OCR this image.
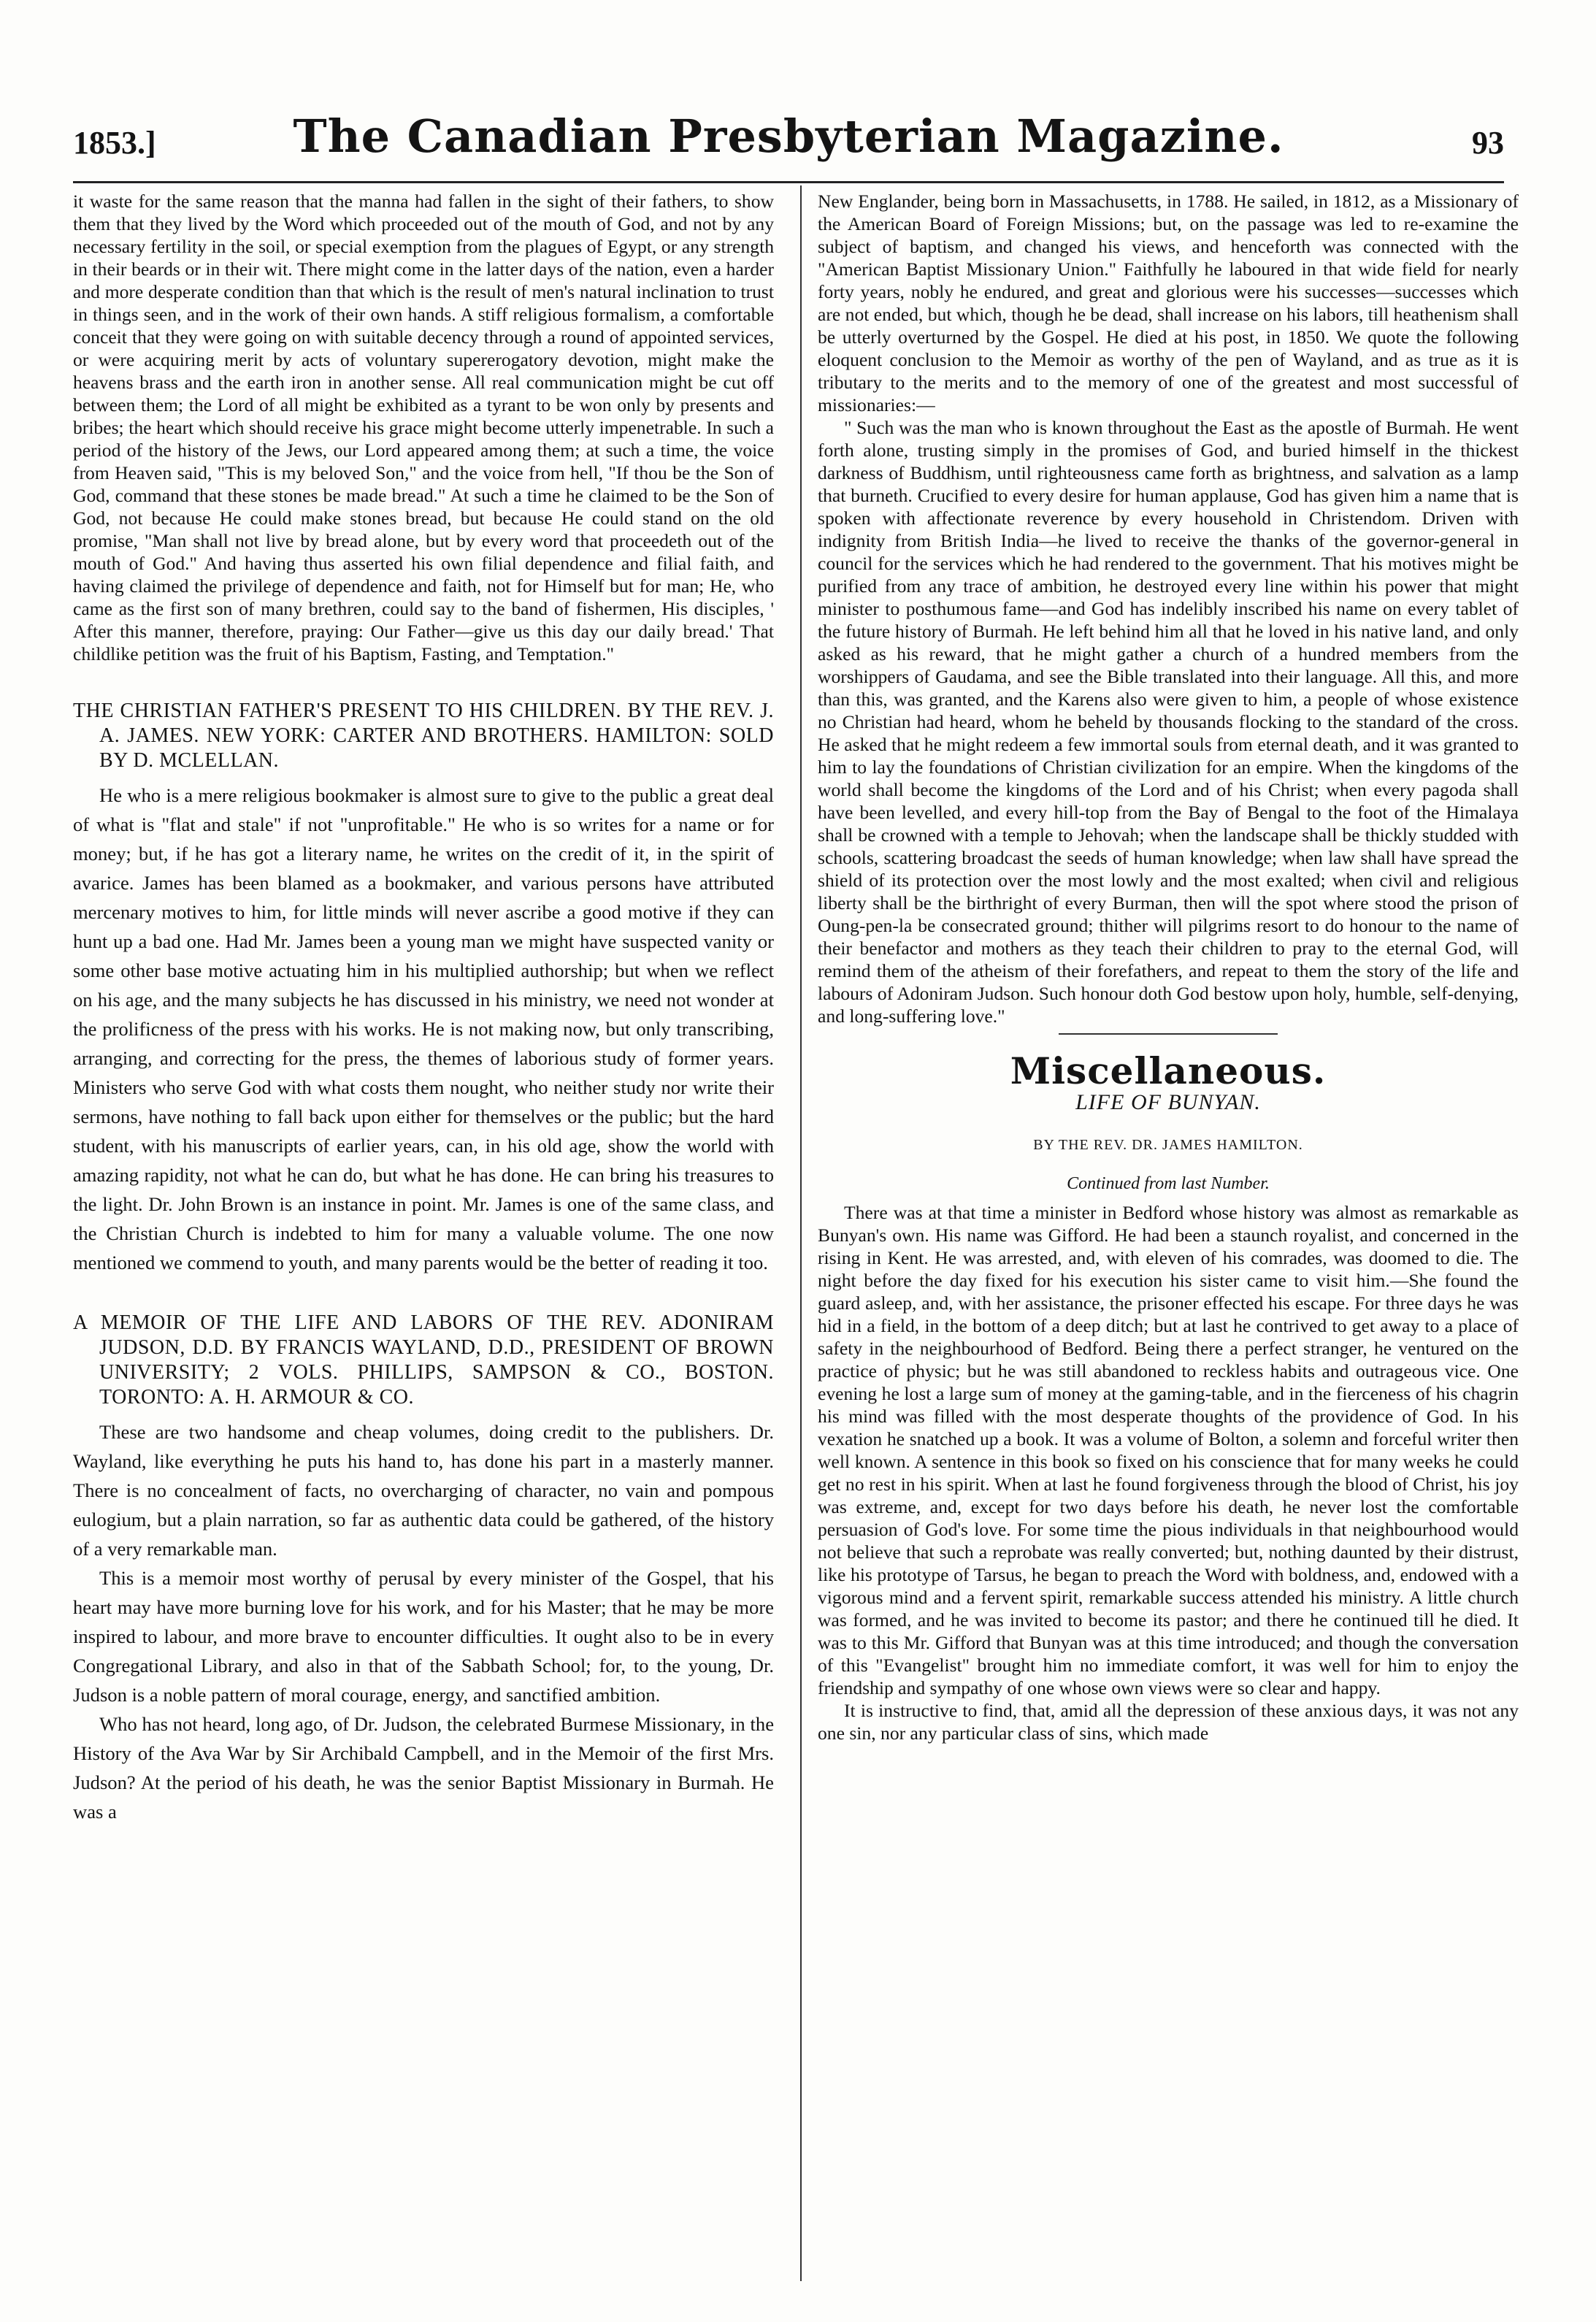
1853.]	The Canadian Presbyterian Magazine.	93

it waste for the same reason that the manna had fallen in the sight of their fathers, to show them that they lived by the Word which proceeded out of the mouth of God, and not by any necessary fertility in the soil, or special exemption from the plagues of Egypt, or any strength in their beards or in their wit. There might come in the latter days of the nation, even a harder and more desperate condition than that which is the result of men's natural inclination to trust in things seen, and in the work of their own hands. A stiff religious formalism, a comfortable conceit that they were going on with suitable decency through a round of appointed services, or were acquiring merit by acts of voluntary supererogatory devotion, might make the heavens brass and the earth iron in another sense. All real communication might be cut off between them; the Lord of all might be exhibited as a tyrant to be won only by presents and bribes; the heart which should receive his grace might become utterly impenetrable. In such a period of the history of the Jews, our Lord appeared among them; at such a time, the voice from Heaven said, "This is my beloved Son," and the voice from hell, "If thou be the Son of God, command that these stones be made bread." At such a time he claimed to be the Son of God, not because He could make stones bread, but because He could stand on the old promise, "Man shall not live by bread alone, but by every word that proceedeth out of the mouth of God." And having thus asserted his own filial dependence and filial faith, and having claimed the privilege of dependence and faith, not for Himself but for man; He, who came as the first son of many brethren, could say to the band of fishermen, His disciples, ' After this manner, therefore, praying: Our Father—give us this day our daily bread.' That childlike petition was the fruit of his Baptism, Fasting, and Temptation."

THE CHRISTIAN FATHER'S PRESENT TO HIS CHILDREN. BY THE REV. J. A. JAMES. NEW YORK: CARTER AND BROTHERS. HAMILTON: SOLD BY D. MCLELLAN.

He who is a mere religious bookmaker is almost sure to give to the public a great deal of what is "flat and stale" if not "unprofitable." He who is so writes for a name or for money; but, if he has got a literary name, he writes on the credit of it, in the spirit of avarice. James has been blamed as a bookmaker, and various persons have attributed mercenary motives to him, for little minds will never ascribe a good motive if they can hunt up a bad one. Had Mr. James been a young man we might have suspected vanity or some other base motive actuating him in his multiplied authorship; but when we reflect on his age, and the many subjects he has discussed in his ministry, we need not wonder at the prolificness of the press with his works. He is not making now, but only transcribing, arranging, and correcting for the press, the themes of laborious study of former years. Ministers who serve God with what costs them nought, who neither study nor write their sermons, have nothing to fall back upon either for themselves or the public; but the hard student, with his manuscripts of earlier years, can, in his old age, show the world with amazing rapidity, not what he can do, but what he has done. He can bring his treasures to the light. Dr. John Brown is an instance in point. Mr. James is one of the same class, and the Christian Church is indebted to him for many a valuable volume. The one now mentioned we commend to youth, and many parents would be the better of reading it too.

A MEMOIR OF THE LIFE AND LABORS OF THE REV. ADONIRAM JUDSON, D.D. BY FRANCIS WAYLAND, D.D., PRESIDENT OF BROWN UNIVERSITY; 2 VOLS. PHILLIPS, SAMPSON & CO., BOSTON. TORONTO: A. H. ARMOUR & CO.

These are two handsome and cheap volumes, doing credit to the publishers. Dr. Wayland, like everything he puts his hand to, has done his part in a masterly manner. There is no concealment of facts, no overcharging of character, no vain and pompous eulogium, but a plain narration, so far as authentic data could be gathered, of the history of a very remarkable man.

This is a memoir most worthy of perusal by every minister of the Gospel, that his heart may have more burning love for his work, and for his Master; that he may be more inspired to labour, and more brave to encounter difficulties. It ought also to be in every Congregational Library, and also in that of the Sabbath School; for, to the young, Dr. Judson is a noble pattern of moral courage, energy, and sanctified ambition.

Who has not heard, long ago, of Dr. Judson, the celebrated Burmese Missionary, in the History of the Ava War by Sir Archibald Campbell, and in the Memoir of the first Mrs. Judson? At the period of his death, he was the senior Baptist Missionary in Burmah. He was a

New Englander, being born in Massachusetts, in 1788. He sailed, in 1812, as a Missionary of the American Board of Foreign Missions; but, on the passage was led to re-examine the subject of baptism, and changed his views, and henceforth was connected with the "American Baptist Missionary Union." Faithfully he laboured in that wide field for nearly forty years, nobly he endured, and great and glorious were his successes—successes which are not ended, but which, though he be dead, shall increase on his labors, till heathenism shall be utterly overturned by the Gospel. He died at his post, in 1850. We quote the following eloquent conclusion to the Memoir as worthy of the pen of Wayland, and as true as it is tributary to the merits and to the memory of one of the greatest and most successful of missionaries:—

" Such was the man who is known throughout the East as the apostle of Burmah. He went forth alone, trusting simply in the promises of God, and buried himself in the thickest darkness of Buddhism, until righteousness came forth as brightness, and salvation as a lamp that burneth. Crucified to every desire for human applause, God has given him a name that is spoken with affectionate reverence by every household in Christendom. Driven with indignity from British India—he lived to receive the thanks of the governor-general in council for the services which he had rendered to the government. That his motives might be purified from any trace of ambition, he destroyed every line within his power that might minister to posthumous fame—and God has indelibly inscribed his name on every tablet of the future history of Burmah. He left behind him all that he loved in his native land, and only asked as his reward, that he might gather a church of a hundred members from the worshippers of Gaudama, and see the Bible translated into their language. All this, and more than this, was granted, and the Karens also were given to him, a people of whose existence no Christian had heard, whom he beheld by thousands flocking to the standard of the cross. He asked that he might redeem a few immortal souls from eternal death, and it was granted to him to lay the foundations of Christian civilization for an empire. When the kingdoms of the world shall become the kingdoms of the Lord and of his Christ; when every pagoda shall have been levelled, and every hill-top from the Bay of Bengal to the foot of the Himalaya shall be crowned with a temple to Jehovah; when the landscape shall be thickly studded with schools, scattering broadcast the seeds of human knowledge; when law shall have spread the shield of its protection over the most lowly and the most exalted; when civil and religious liberty shall be the birthright of every Burman, then will the spot where stood the prison of Oung-pen-la be consecrated ground; thither will pilgrims resort to do honour to the name of their benefactor and mothers as they teach their children to pray to the eternal God, will remind them of the atheism of their forefathers, and repeat to them the story of the life and labours of Adoniram Judson. Such honour doth God bestow upon holy, humble, self-denying, and long-suffering love."

Miscellaneous.
LIFE OF BUNYAN.
BY THE REV. DR. JAMES HAMILTON.
Continued from last Number.

There was at that time a minister in Bedford whose history was almost as remarkable as Bunyan's own. His name was Gifford. He had been a staunch royalist, and concerned in the rising in Kent. He was arrested, and, with eleven of his comrades, was doomed to die. The night before the day fixed for his execution his sister came to visit him.—She found the guard asleep, and, with her assistance, the prisoner effected his escape. For three days he was hid in a field, in the bottom of a deep ditch; but at last he contrived to get away to a place of safety in the neighbourhood of Bedford. Being there a perfect stranger, he ventured on the practice of physic; but he was still abandoned to reckless habits and outrageous vice. One evening he lost a large sum of money at the gaming-table, and in the fierceness of his chagrin his mind was filled with the most desperate thoughts of the providence of God. In his vexation he snatched up a book. It was a volume of Bolton, a solemn and forceful writer then well known. A sentence in this book so fixed on his conscience that for many weeks he could get no rest in his spirit. When at last he found forgiveness through the blood of Christ, his joy was extreme, and, except for two days before his death, he never lost the comfortable persuasion of God's love. For some time the pious individuals in that neighbourhood would not believe that such a reprobate was really converted; but, nothing daunted by their distrust, like his prototype of Tarsus, he began to preach the Word with boldness, and, endowed with a vigorous mind and a fervent spirit, remarkable success attended his ministry. A little church was formed, and he was invited to become its pastor; and there he continued till he died. It was to this Mr. Gifford that Bunyan was at this time introduced; and though the conversation of this "Evangelist" brought him no immediate comfort, it was well for him to enjoy the friendship and sympathy of one whose own views were so clear and happy.

It is instructive to find, that, amid all the depression of these anxious days, it was not any one sin, nor any particular class of sins, which made
